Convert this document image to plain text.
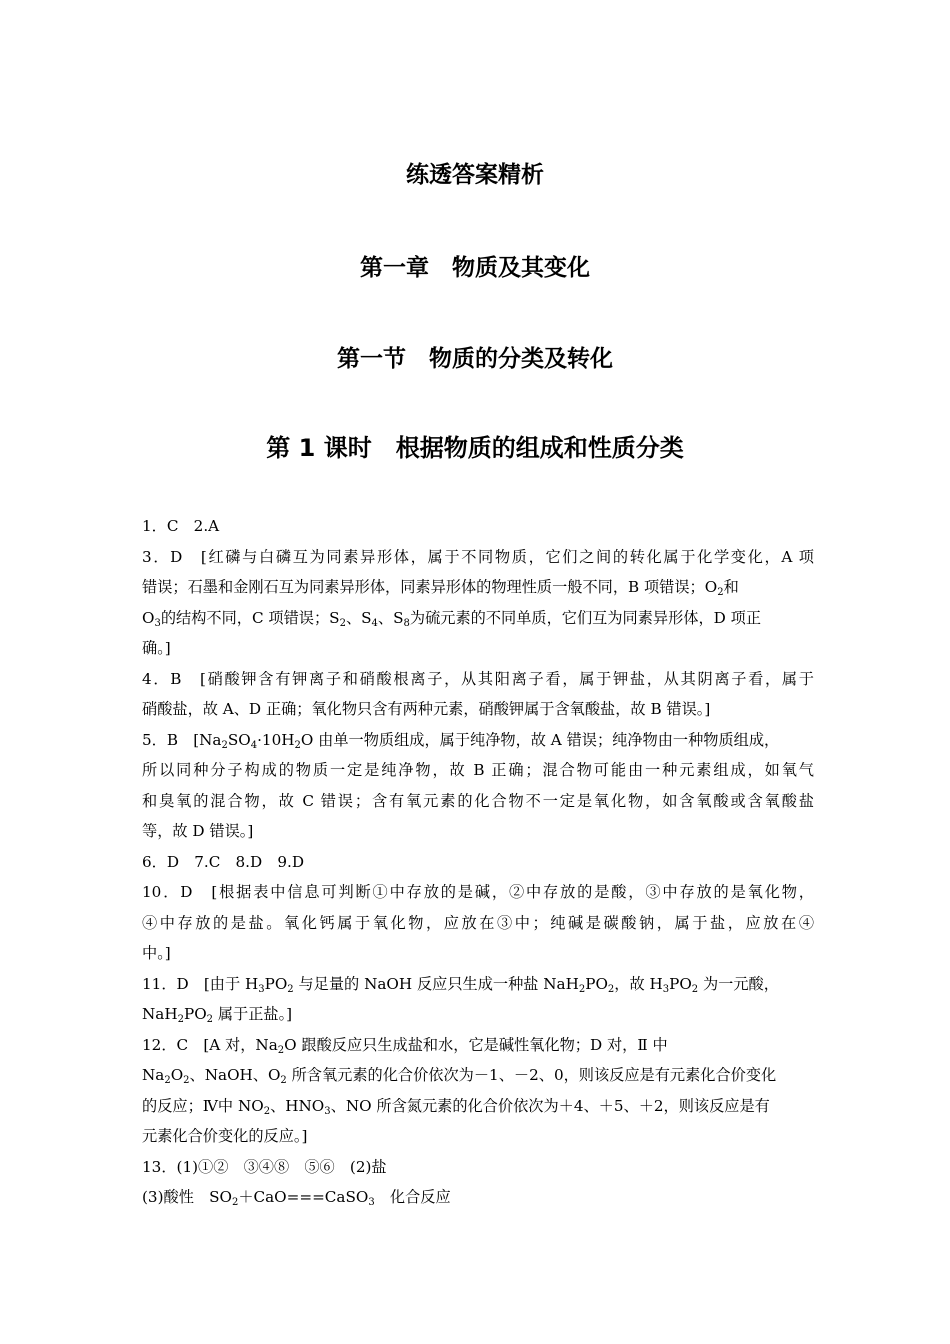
练透答案精析
第一章　物质及其变化
第一节　物质的分类及转化
第 1 课时　根据物质的组成和性质分类
1．C　2.A
3．D　[红磷与白磷互为同素异形体，属于不同物质，它们之间的转化属于化学变化，A 项
错误；石墨和金刚石互为同素异形体，同素异形体的物理性质一般不同，B 项错误；$O_2$和
$O_3$的结构不同，C 项错误；$S_2$、$S_4$、$S_8$为硫元素的不同单质，它们互为同素异形体，D 项正
确。]
4．B　[硝酸钾含有钾离子和硝酸根离子，从其阳离子看，属于钾盐，从其阴离子看，属于
硝酸盐，故 A、D 正确；氧化物只含有两种元素，硝酸钾属于含氧酸盐，故 B 错误。]
5．B　[$Na_2SO_4\cdot 10H_2O$ 由单一物质组成，属于纯净物，故 A 错误；纯净物由一种物质组成，
所以同种分子构成的物质一定是纯净物，故 B 正确；混合物可能由一种元素组成，如氧气
和臭氧的混合物，故 C 错误；含有氧元素的化合物不一定是氧化物，如含氧酸或含氧酸盐
等，故 D 错误。]
6．D　7.C　8.D　9.D
10．D　[根据表中信息可判断①中存放的是碱，②中存放的是酸，③中存放的是氧化物，
④中存放的是盐。氧化钙属于氧化物，应放在③中；纯碱是碳酸钠，属于盐，应放在④
中。]
11．D　[由于 $H_3PO_2$ 与足量的 NaOH 反应只生成一种盐 $NaH_2PO_2$，故 $H_3PO_2$ 为一元酸，
$NaH_2PO_2$ 属于正盐。]
12．C　[A 对，$Na_2O$ 跟酸反应只生成盐和水，它是碱性氧化物；D 对，Ⅱ 中
$Na_2O_2$、NaOH、$O_2$ 所含氧元素的化合价依次为－1、－2、0，则该反应是有元素化合价变化
的反应；Ⅳ中 $NO_2$、$HNO_3$、NO 所含氮元素的化合价依次为＋4、＋5、＋2，则该反应是有
元素化合价变化的反应。]
13．(1)①②　③④⑧　⑤⑥　(2)盐
(3)酸性　$SO_2+CaO===CaSO_3$　化合反应
